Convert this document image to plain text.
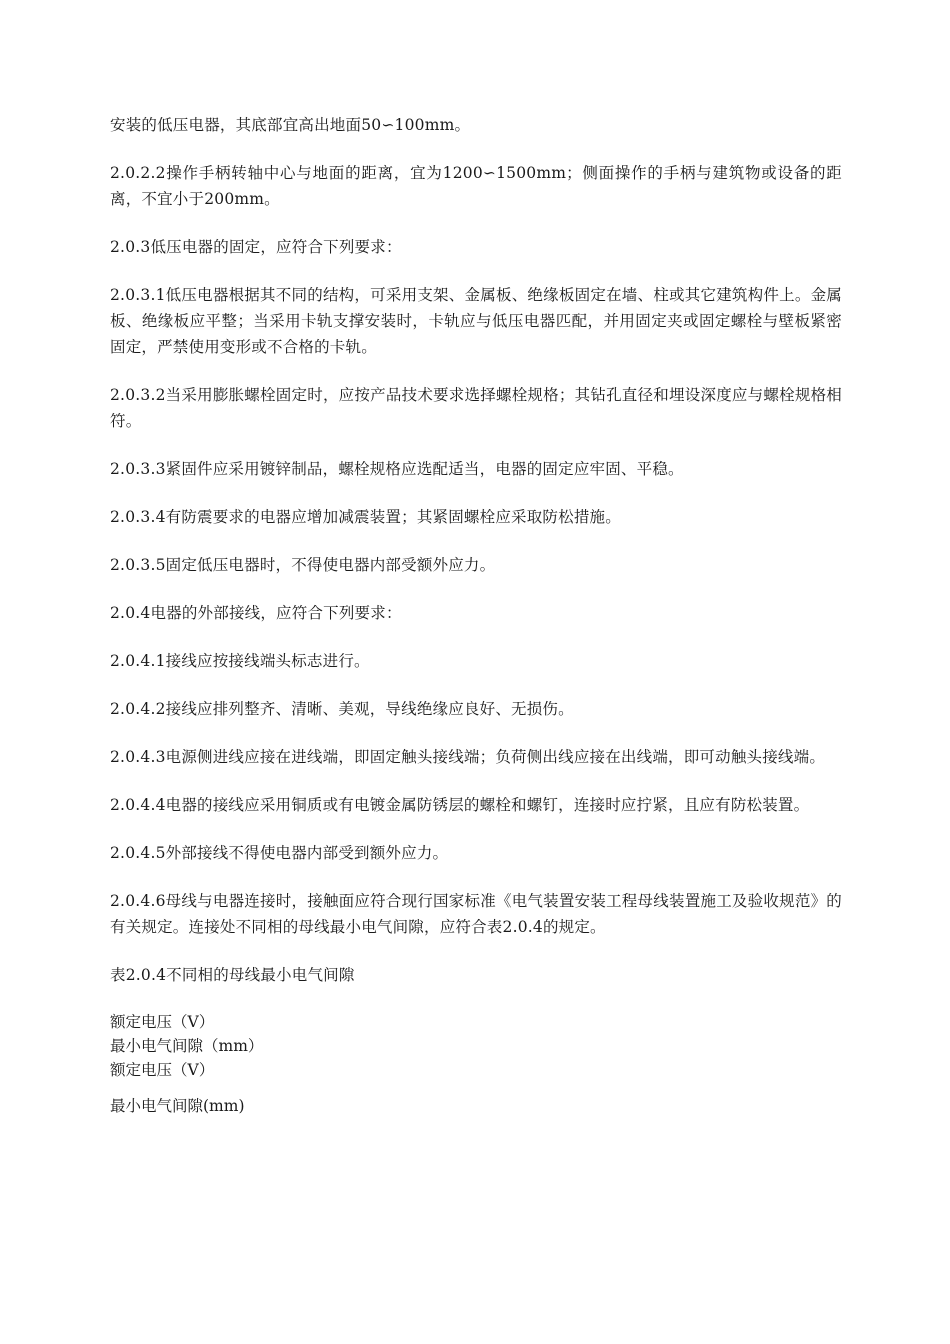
安装的低压电器，其底部宜高出地面50∽100mm。

2.0.2.2操作手柄转轴中心与地面的距离，宜为1200∽1500mm；侧面操作的手柄与建筑物或设备的距离，不宜小于200mm。

2.0.3低压电器的固定，应符合下列要求：

2.0.3.1低压电器根据其不同的结构，可采用支架、金属板、绝缘板固定在墙、柱或其它建筑构件上。金属板、绝缘板应平整；当采用卡轨支撑安装时，卡轨应与低压电器匹配，并用固定夹或固定螺栓与壁板紧密固定，严禁使用变形或不合格的卡轨。

2.0.3.2当采用膨胀螺栓固定时，应按产品技术要求选择螺栓规格；其钻孔直径和埋设深度应与螺栓规格相符。

2.0.3.3紧固件应采用镀锌制品，螺栓规格应选配适当，电器的固定应牢固、平稳。

2.0.3.4有防震要求的电器应增加减震装置；其紧固螺栓应采取防松措施。

2.0.3.5固定低压电器时，不得使电器内部受额外应力。

2.0.4电器的外部接线，应符合下列要求：

2.0.4.1接线应按接线端头标志进行。

2.0.4.2接线应排列整齐、清晰、美观，导线绝缘应良好、无损伤。

2.0.4.3电源侧进线应接在进线端，即固定触头接线端；负荷侧出线应接在出线端，即可动触头接线端。

2.0.4.4电器的接线应采用铜质或有电镀金属防锈层的螺栓和螺钉，连接时应拧紧，且应有防松装置。

2.0.4.5外部接线不得使电器内部受到额外应力。

2.0.4.6母线与电器连接时，接触面应符合现行国家标准《电气装置安装工程母线装置施工及验收规范》的有关规定。连接处不同相的母线最小电气间隙，应符合表2.0.4的规定。

表2.0.4不同相的母线最小电气间隙

额定电压（V）

最小电气间隙（mm）

额定电压（V）

最小电气间隙(mm)
